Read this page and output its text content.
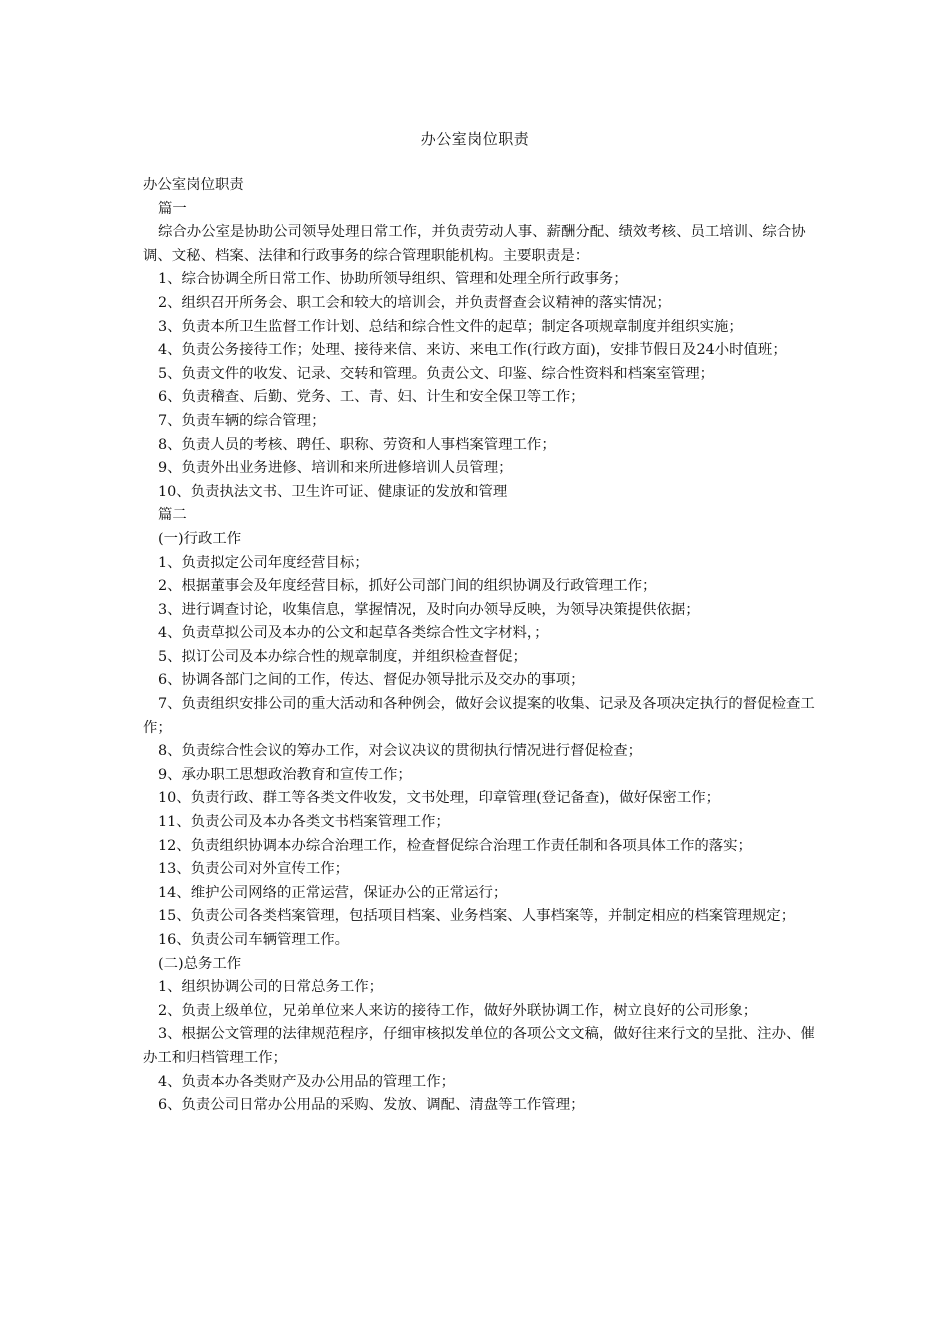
办公室岗位职责

办公室岗位职责

篇一

综合办公室是协助公司领导处理日常工作，并负责劳动人事、薪酬分配、绩效考核、员工培训、综合协调、文秘、档案、法律和行政事务的综合管理职能机构。主要职责是：

1、综合协调全所日常工作、协助所领导组织、管理和处理全所行政事务；

2、组织召开所务会、职工会和较大的培训会，并负责督查会议精神的落实情况；

3、负责本所卫生监督工作计划、总结和综合性文件的起草；制定各项规章制度并组织实施；

4、负责公务接待工作；处理、接待来信、来访、来电工作(行政方面)，安排节假日及24小时值班；

5、负责文件的收发、记录、交转和管理。负责公文、印鉴、综合性资料和档案室管理；

6、负责稽查、后勤、党务、工、青、妇、计生和安全保卫等工作；

7、负责车辆的综合管理；

8、负责人员的考核、聘任、职称、劳资和人事档案管理工作；

9、负责外出业务进修、培训和来所进修培训人员管理；

10、负责执法文书、卫生许可证、健康证的发放和管理

篇二

(一)行政工作

1、负责拟定公司年度经营目标；

2、根据董事会及年度经营目标，抓好公司部门间的组织协调及行政管理工作；

3、进行调查讨论，收集信息，掌握情况，及时向办领导反映，为领导决策提供依据；

4、负责草拟公司及本办的公文和起草各类综合性文字材料，；

5、拟订公司及本办综合性的规章制度，并组织检查督促；

6、协调各部门之间的工作，传达、督促办领导批示及交办的事项；

7、负责组织安排公司的重大活动和各种例会，做好会议提案的收集、记录及各项决定执行的督促检查工作；

8、负责综合性会议的筹办工作，对会议决议的贯彻执行情况进行督促检查；

9、承办职工思想政治教育和宣传工作；

10、负责行政、群工等各类文件收发，文书处理，印章管理(登记备查)，做好保密工作；

11、负责公司及本办各类文书档案管理工作；

12、负责组织协调本办综合治理工作，检查督促综合治理工作责任制和各项具体工作的落实；

13、负责公司对外宣传工作；

14、维护公司网络的正常运营，保证办公的正常运行；

15、负责公司各类档案管理，包括项目档案、业务档案、人事档案等，并制定相应的档案管理规定；

16、负责公司车辆管理工作。

(二)总务工作

1、组织协调公司的日常总务工作；

2、负责上级单位，兄弟单位来人来访的接待工作，做好外联协调工作，树立良好的公司形象；

3、根据公文管理的法律规范程序，仔细审核拟发单位的各项公文文稿，做好往来行文的呈批、注办、催办工和归档管理工作；

4、负责本办各类财产及办公用品的管理工作；

6、负责公司日常办公用品的采购、发放、调配、清盘等工作管理；
